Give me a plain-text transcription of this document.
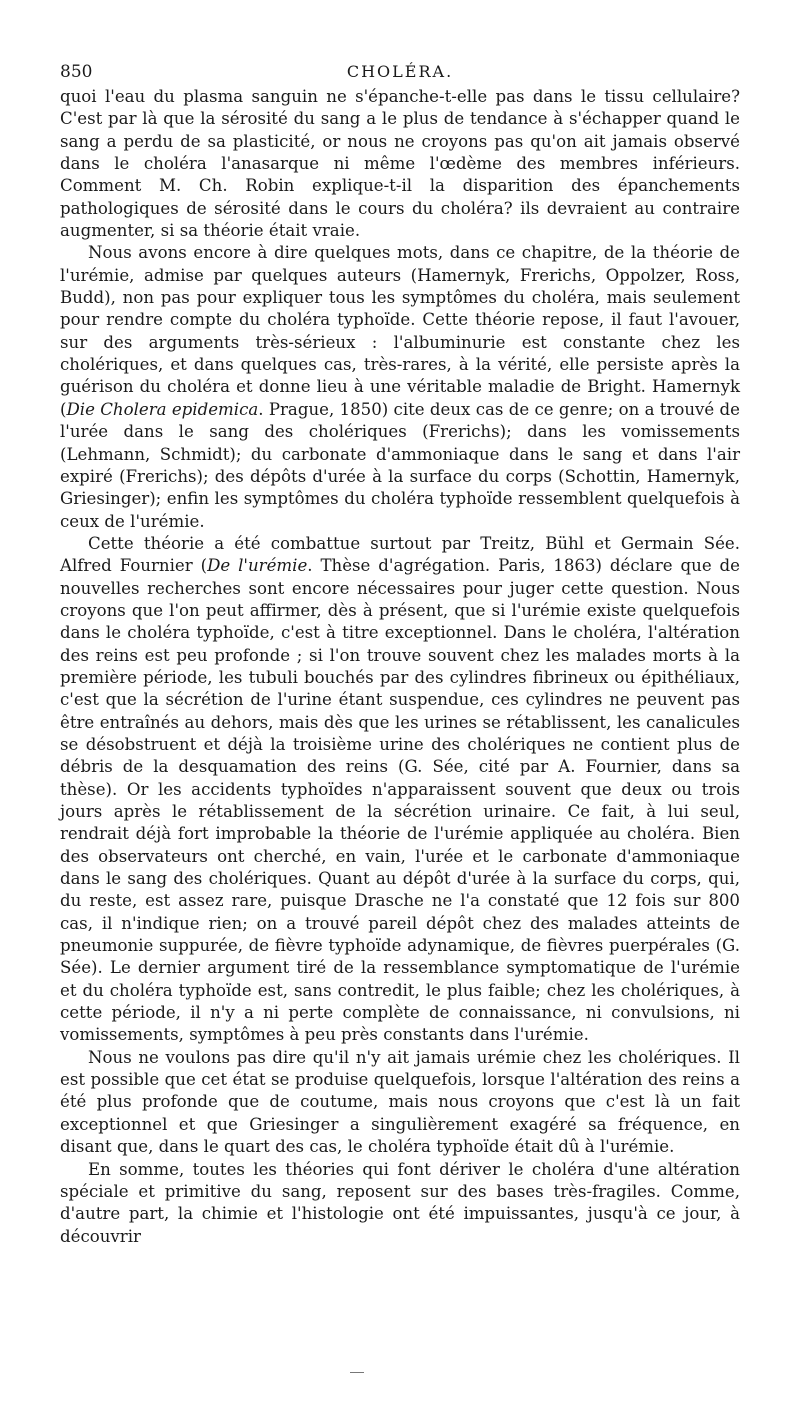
850	CHOLÉRA.

quoi l'eau du plasma sanguin ne s'épanche-t-elle pas dans le tissu cellulaire? C'est par là que la sérosité du sang a le plus de tendance à s'échapper quand le sang a perdu de sa plasticité, or nous ne croyons pas qu'on ait jamais observé dans le choléra l'anasarque ni même l'œdème des membres inférieurs. Comment M. Ch. Robin explique-t-il la disparition des épanchements pathologiques de sérosité dans le cours du choléra? ils devraient au contraire augmenter, si sa théorie était vraie.

Nous avons encore à dire quelques mots, dans ce chapitre, de la théorie de l'urémie, admise par quelques auteurs (Hamernyk, Frerichs, Oppolzer, Ross, Budd), non pas pour expliquer tous les symptômes du choléra, mais seulement pour rendre compte du choléra typhoïde. Cette théorie repose, il faut l'avouer, sur des arguments très-sérieux : l'albuminurie est constante chez les cholériques, et dans quelques cas, très-rares, à la vérité, elle persiste après la guérison du choléra et donne lieu à une véritable maladie de Bright. Hamernyk (Die Cholera epidemica. Prague, 1850) cite deux cas de ce genre; on a trouvé de l'urée dans le sang des cholériques (Frerichs); dans les vomissements (Lehmann, Schmidt); du carbonate d'ammoniaque dans le sang et dans l'air expiré (Frerichs); des dépôts d'urée à la surface du corps (Schottin, Hamernyk, Griesinger); enfin les symptômes du choléra typhoïde ressemblent quelquefois à ceux de l'urémie.

Cette théorie a été combattue surtout par Treitz, Bühl et Germain Sée. Alfred Fournier (De l'urémie. Thèse d'agrégation. Paris, 1863) déclare que de nouvelles recherches sont encore nécessaires pour juger cette question. Nous croyons que l'on peut affirmer, dès à présent, que si l'urémie existe quelquefois dans le choléra typhoïde, c'est à titre exceptionnel. Dans le choléra, l'altération des reins est peu profonde ; si l'on trouve souvent chez les malades morts à la première période, les tubuli bouchés par des cylindres fibrineux ou épithéliaux, c'est que la sécrétion de l'urine étant suspendue, ces cylindres ne peuvent pas être entraînés au dehors, mais dès que les urines se rétablissent, les canalicules se désobstruent et déjà la troisième urine des cholériques ne contient plus de débris de la desquamation des reins (G. Sée, cité par A. Fournier, dans sa thèse). Or les accidents typhoïdes n'apparaissent souvent que deux ou trois jours après le rétablissement de la sécrétion urinaire. Ce fait, à lui seul, rendrait déjà fort improbable la théorie de l'urémie appliquée au choléra. Bien des observateurs ont cherché, en vain, l'urée et le carbonate d'ammoniaque dans le sang des cholériques. Quant au dépôt d'urée à la surface du corps, qui, du reste, est assez rare, puisque Drasche ne l'a constaté que 12 fois sur 800 cas, il n'indique rien; on a trouvé pareil dépôt chez des malades atteints de pneumonie suppurée, de fièvre typhoïde adynamique, de fièvres puerpérales (G. Sée). Le dernier argument tiré de la ressemblance symptomatique de l'urémie et du choléra typhoïde est, sans contredit, le plus faible; chez les cholériques, à cette période, il n'y a ni perte complète de connaissance, ni convulsions, ni vomissements, symptômes à peu près constants dans l'urémie.

Nous ne voulons pas dire qu'il n'y ait jamais urémie chez les cholériques. Il est possible que cet état se produise quelquefois, lorsque l'altération des reins a été plus profonde que de coutume, mais nous croyons que c'est là un fait exceptionnel et que Griesinger a singulièrement exagéré sa fréquence, en disant que, dans le quart des cas, le choléra typhoïde était dû à l'urémie.

En somme, toutes les théories qui font dériver le choléra d'une altération spéciale et primitive du sang, reposent sur des bases très-fragiles. Comme, d'autre part, la chimie et l'histologie ont été impuissantes, jusqu'à ce jour, à découvrir
